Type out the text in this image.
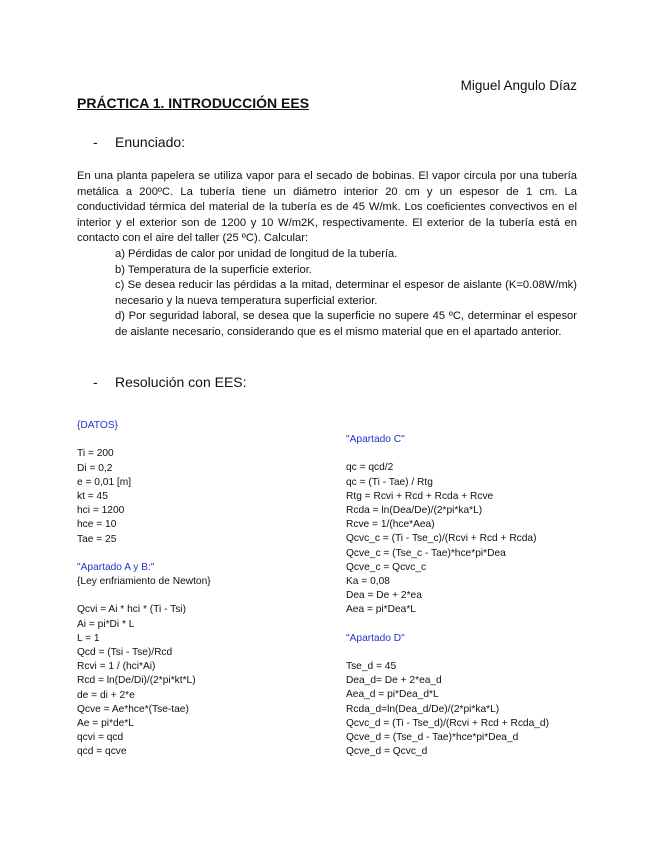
Miguel Angulo Díaz
PRÁCTICA 1. INTRODUCCIÓN EES
- Enunciado:

En una planta papelera se utiliza vapor para el secado de bobinas. El vapor circula por una tubería metálica a 200ºC. La tubería tiene un diámetro interior 20 cm y un espesor de 1 cm. La conductividad térmica del material de la tubería es de 45 W/mk. Los coeficientes convectivos en el interior y el exterior son de 1200 y 10 W/m2K, respectivamente. El exterior de la tubería está en contacto con el aire del taller (25 ºC). Calcular:

a) Pérdidas de calor por unidad de longitud de la tubería.
b) Temperatura de la superficie exterior.
c) Se desea reducir las pérdidas a la mitad, determinar el espesor de aislante (K=0.08W/mk) necesario y la nueva temperatura superficial exterior.
d) Por seguridad laboral, se desea que la superficie no supere 45 ºC, determinar el espesor de aislante necesario, considerando que es el mismo material que en el apartado anterior.
- Resolución con EES:
{DATOS}
Ti = 200
Di = 0,2
e = 0,01 [m]
kt = 45
hci = 1200
hce = 10
Tae = 25
"Apartado A y B:"
{Ley enfriamiento de Newton}
Qcvi = Ai * hci * (Ti - Tsi)
Ai = pi*Di * L
L = 1
Qcd = (Tsi - Tse)/Rcd
Rcvi = 1 / (hci*Ai)
Rcd = ln(De/Di)/(2*pi*kt*L)
de = di + 2*e
Qcve = Ae*hce*(Tse-tae)
Ae = pi*de*L
qcvi = qcd
qcd = qcve
"Apartado C"
qc = qcd/2
qc = (Ti - Tae) / Rtg
Rtg = Rcvi + Rcd + Rcda + Rcve
Rcda = ln(Dea/De)/(2*pi*ka*L)
Rcve = 1/(hce*Aea)
Qcvc_c = (Ti - Tse_c)/(Rcvi + Rcd + Rcda)
Qcve_c = (Tse_c - Tae)*hce*pi*Dea
Qcve_c = Qcvc_c
Ka = 0,08
Dea = De + 2*ea
Aea = pi*Dea*L
"Apartado D"
Tse_d = 45
Dea_d= De + 2*ea_d
Aea_d = pi*Dea_d*L
Rcda_d=ln(Dea_d/De)/(2*pi*ka*L)
Qcvc_d = (Ti - Tse_d)/(Rcvi + Rcd + Rcda_d)
Qcve_d = (Tse_d - Tae)*hce*pi*Dea_d
Qcve_d = Qcvc_d
